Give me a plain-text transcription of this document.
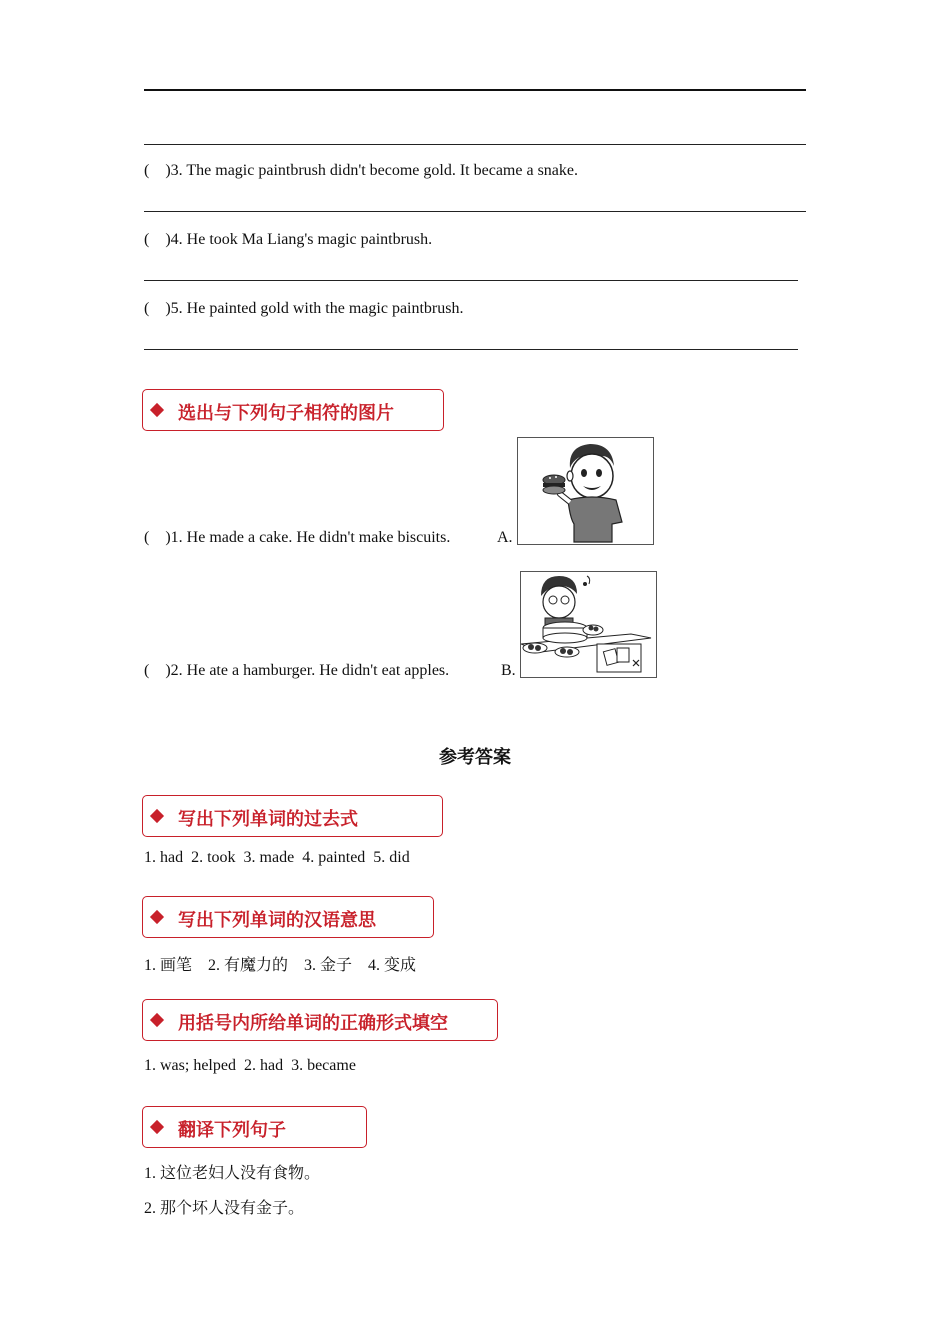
(    )3. The magic paintbrush didn't become gold. It became a snake.
(    )4. He took Ma Liang's magic paintbrush.
(    )5. He painted gold with the magic paintbrush.
选出与下列句子相符的图片
(    )1. He made a cake. He didn't make biscuits.	A.
(    )2. He ate a hamburger. He didn't eat apples.	B.
参考答案
写出下列单词的过去式
1. had  2. took  3. made  4. painted  5. did
写出下列单词的汉语意思
1. 画笔    2. 有魔力的    3. 金子    4. 变成
用括号内所给单词的正确形式填空
1. was; helped  2. had  3. became
翻译下列句子
1. 这位老妇人没有食物。
2. 那个坏人没有金子。
